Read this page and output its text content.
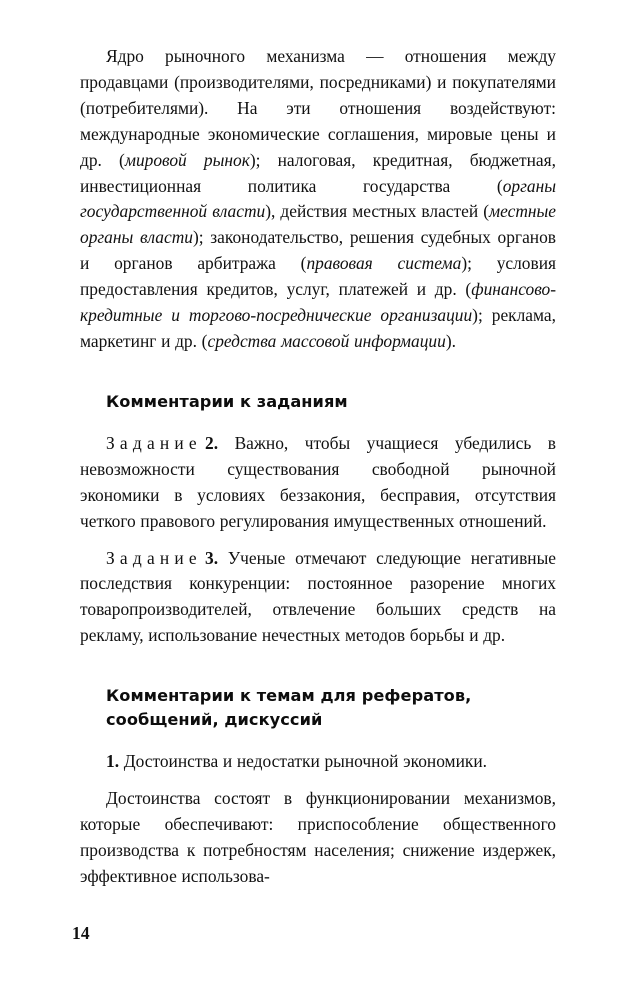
Ядро рыночного механизма — отношения между продавцами (производителями, посредниками) и покупателями (потребителями). На эти отношения воздействуют: международные экономические соглашения, мировые цены и др. (мировой рынок); налоговая, кредитная, бюджетная, инвестиционная политика государства (органы государственной власти), действия местных властей (местные органы власти); законодательство, решения судебных органов и органов арбитража (правовая система); условия предоставления кредитов, услуг, платежей и др. (финансово-кредитные и торгово-посреднические организации); реклама, маркетинг и др. (средства массовой информации).

Комментарии к заданиям

Задание 2. Важно, чтобы учащиеся убедились в невозможности существования свободной рыночной экономики в условиях беззакония, бесправия, отсутствия четкого правового регулирования имущественных отношений.

Задание 3. Ученые отмечают следующие негативные последствия конкуренции: постоянное разорение многих товаропроизводителей, отвлечение больших средств на рекламу, использование нечестных методов борьбы и др.

Комментарии к темам для рефератов,
сообщений, дискуссий

1. Достоинства и недостатки рыночной экономики.

Достоинства состоят в функционировании механизмов, которые обеспечивают: приспособление общественного производства к потребностям населения; снижение издержек, эффективное использова-

14
